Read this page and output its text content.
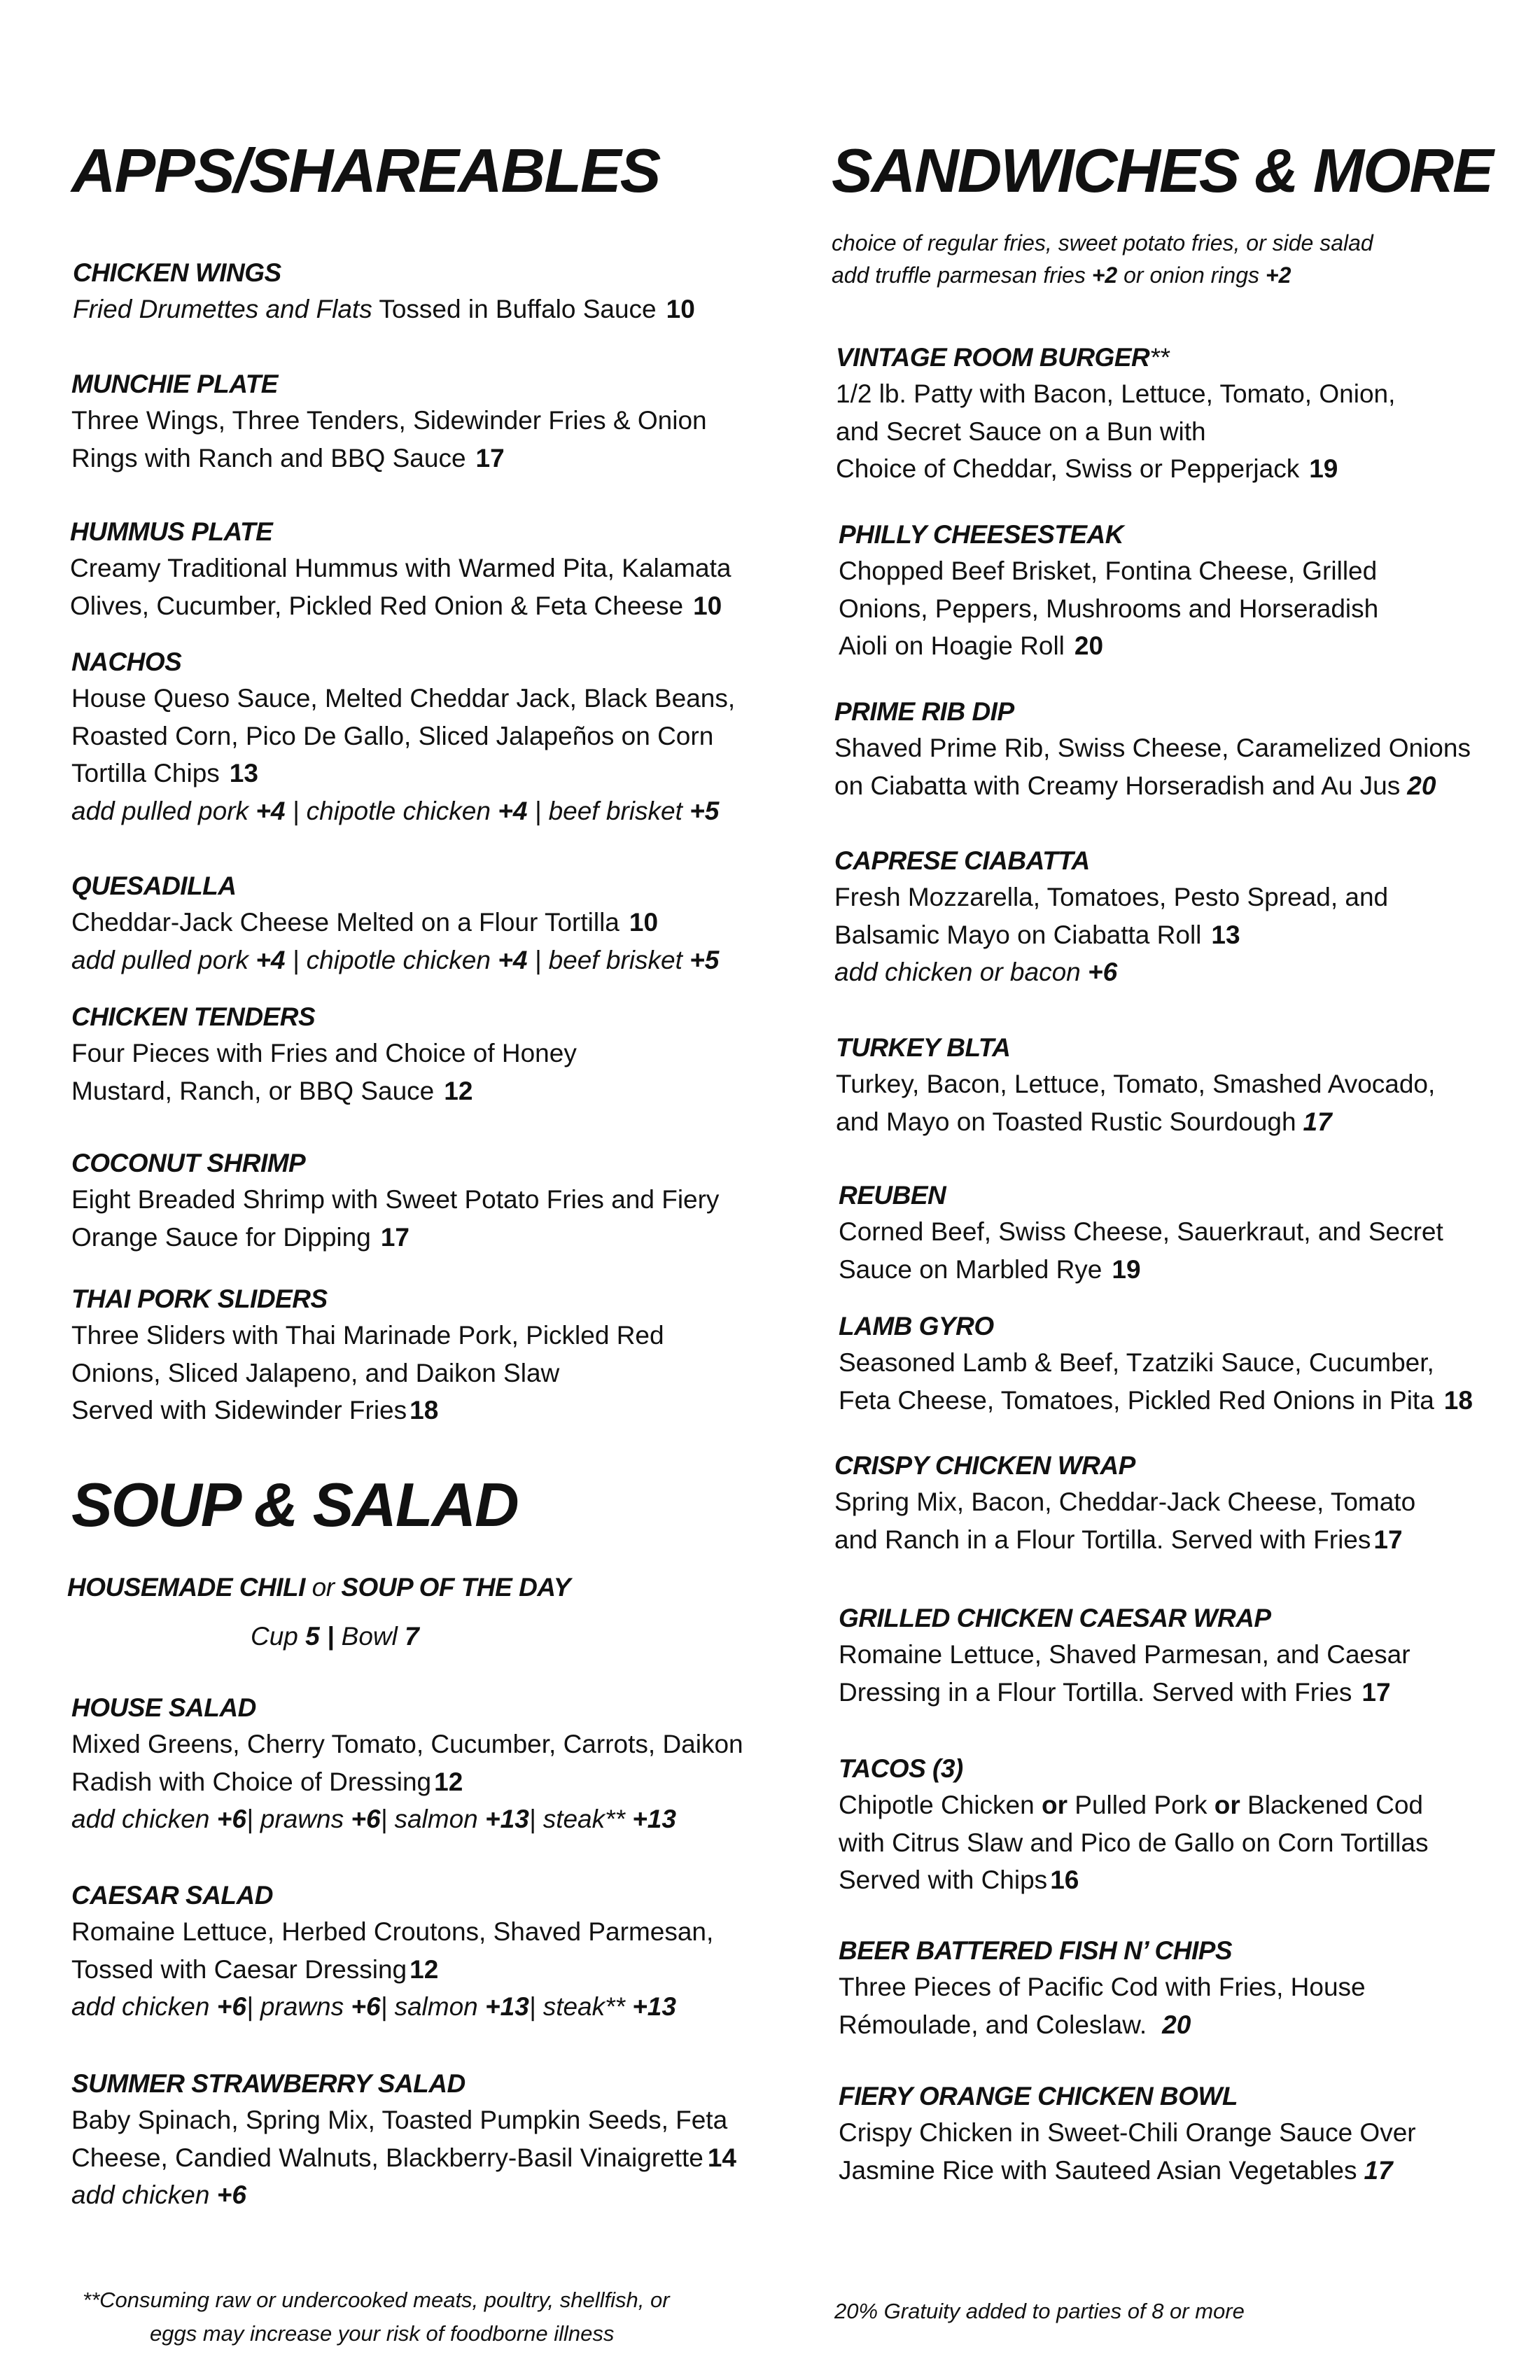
APPS/SHAREABLES
CHICKEN WINGS
Fried Drumettes and Flats Tossed in Buffalo Sauce 10
MUNCHIE PLATE
Three Wings, Three Tenders, Sidewinder Fries & Onion
Rings with Ranch and BBQ Sauce 17
HUMMUS PLATE
Creamy Traditional Hummus with Warmed Pita, Kalamata
Olives, Cucumber, Pickled Red Onion & Feta Cheese 10
NACHOS
House Queso Sauce, Melted Cheddar Jack, Black Beans,
Roasted Corn, Pico De Gallo, Sliced Jalapeños on Corn
Tortilla Chips 13
add pulled pork +4 | chipotle chicken +4 | beef brisket +5
QUESADILLA
Cheddar-Jack Cheese Melted on a Flour Tortilla 10
add pulled pork +4 | chipotle chicken +4 | beef brisket +5
CHICKEN TENDERS
Four Pieces with Fries and Choice of Honey
Mustard, Ranch, or BBQ Sauce 12
COCONUT SHRIMP
Eight Breaded Shrimp with Sweet Potato Fries and Fiery
Orange Sauce for Dipping 17
THAI PORK SLIDERS
Three Sliders with Thai Marinade Pork, Pickled Red
Onions, Sliced Jalapeno, and Daikon Slaw
Served with Sidewinder Fries 18
SOUP & SALAD
HOUSEMADE CHILI or SOUP OF THE DAY
Cup 5 | Bowl 7
HOUSE SALAD
Mixed Greens, Cherry Tomato, Cucumber, Carrots, Daikon
Radish with Choice of Dressing 12
add chicken +6| prawns +6| salmon +13| steak** +13
CAESAR SALAD
Romaine Lettuce, Herbed Croutons, Shaved Parmesan,
Tossed with Caesar Dressing 12
add chicken +6| prawns +6| salmon +13| steak** +13
SUMMER STRAWBERRY SALAD
Baby Spinach, Spring Mix, Toasted Pumpkin Seeds, Feta
Cheese, Candied Walnuts, Blackberry-Basil Vinaigrette 14
add chicken +6
**Consuming raw or undercooked meats, poultry, shellfish, or
eggs may increase your risk of foodborne illness
SANDWICHES & MORE
choice of regular fries, sweet potato fries, or side salad
add truffle parmesan fries +2 or onion rings +2
VINTAGE ROOM BURGER**
1/2 lb. Patty with Bacon, Lettuce, Tomato, Onion,
and Secret Sauce on a Bun with
Choice of Cheddar, Swiss or Pepperjack 19
PHILLY CHEESESTEAK
Chopped Beef Brisket, Fontina Cheese, Grilled
Onions, Peppers, Mushrooms and Horseradish
Aioli on Hoagie Roll 20
PRIME RIB DIP
Shaved Prime Rib, Swiss Cheese, Caramelized Onions
on Ciabatta with Creamy Horseradish and Au Jus 20
CAPRESE CIABATTA
Fresh Mozzarella, Tomatoes, Pesto Spread, and
Balsamic Mayo on Ciabatta Roll 13
add chicken or bacon +6
TURKEY BLTA
Turkey, Bacon, Lettuce, Tomato, Smashed Avocado,
and Mayo on Toasted Rustic Sourdough 17
REUBEN
Corned Beef, Swiss Cheese, Sauerkraut, and Secret
Sauce on Marbled Rye 19
LAMB GYRO
Seasoned Lamb & Beef, Tzatziki Sauce, Cucumber,
Feta Cheese, Tomatoes, Pickled Red Onions in Pita 18
CRISPY CHICKEN WRAP
Spring Mix, Bacon, Cheddar-Jack Cheese, Tomato
and Ranch in a Flour Tortilla. Served with Fries 17
GRILLED CHICKEN CAESAR WRAP
Romaine Lettuce, Shaved Parmesan, and Caesar
Dressing in a Flour Tortilla. Served with Fries 17
TACOS (3)
Chipotle Chicken or Pulled Pork or Blackened Cod
with Citrus Slaw and Pico de Gallo on Corn Tortillas
Served with Chips 16
BEER BATTERED FISH N’ CHIPS
Three Pieces of Pacific Cod with Fries, House
Rémoulade, and Coleslaw. 20
FIERY ORANGE CHICKEN BOWL
Crispy Chicken in Sweet-Chili Orange Sauce Over
Jasmine Rice with Sauteed Asian Vegetables 17
20% Gratuity added to parties of 8 or more
